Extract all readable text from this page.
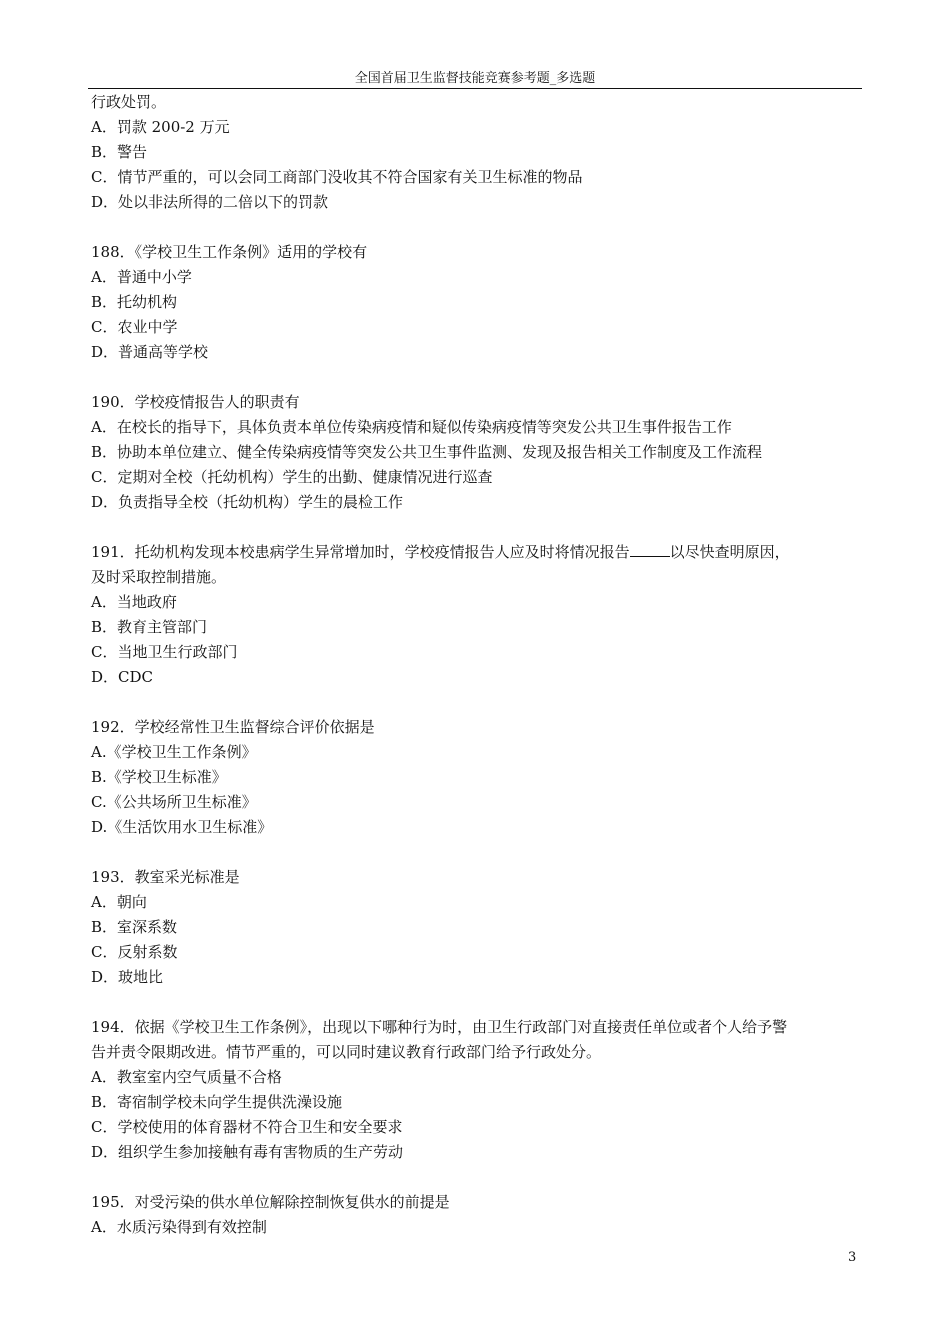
全国首届卫生监督技能竞赛参考题_多选题
行政处罚。
A．罚款 200-2 万元
B．警告
C．情节严重的，可以会同工商部门没收其不符合国家有关卫生标准的物品
D．处以非法所得的二倍以下的罚款
188．《学校卫生工作条例》适用的学校有
A．普通中小学
B．托幼机构
C．农业中学
D．普通高等学校
190．学校疫情报告人的职责有
A．在校长的指导下，具体负责本单位传染病疫情和疑似传染病疫情等突发公共卫生事件报告工作
B．协助本单位建立、健全传染病疫情等突发公共卫生事件监测、发现及报告相关工作制度及工作流程
C．定期对全校（托幼机构）学生的出勤、健康情况进行巡查
D．负责指导全校（托幼机构）学生的晨检工作
191．托幼机构发现本校患病学生异常增加时，学校疫情报告人应及时将情况报告	以尽快查明原因，
及时采取控制措施。
A．当地政府
B．教育主管部门
C．当地卫生行政部门
D．CDC
192．学校经常性卫生监督综合评价依据是
A.《学校卫生工作条例》
B.《学校卫生标准》
C.《公共场所卫生标准》
D.《生活饮用水卫生标准》
193．教室采光标准是
A．朝向
B．室深系数
C．反射系数
D．玻地比
194．依据《学校卫生工作条例》，出现以下哪种行为时，由卫生行政部门对直接责任单位或者个人给予警
告并责令限期改进。情节严重的，可以同时建议教育行政部门给予行政处分。
A．教室室内空气质量不合格
B．寄宿制学校未向学生提供洗澡设施
C．学校使用的体育器材不符合卫生和安全要求
D．组织学生参加接触有毒有害物质的生产劳动
195．对受污染的供水单位解除控制恢复供水的前提是
A．水质污染得到有效控制
3
